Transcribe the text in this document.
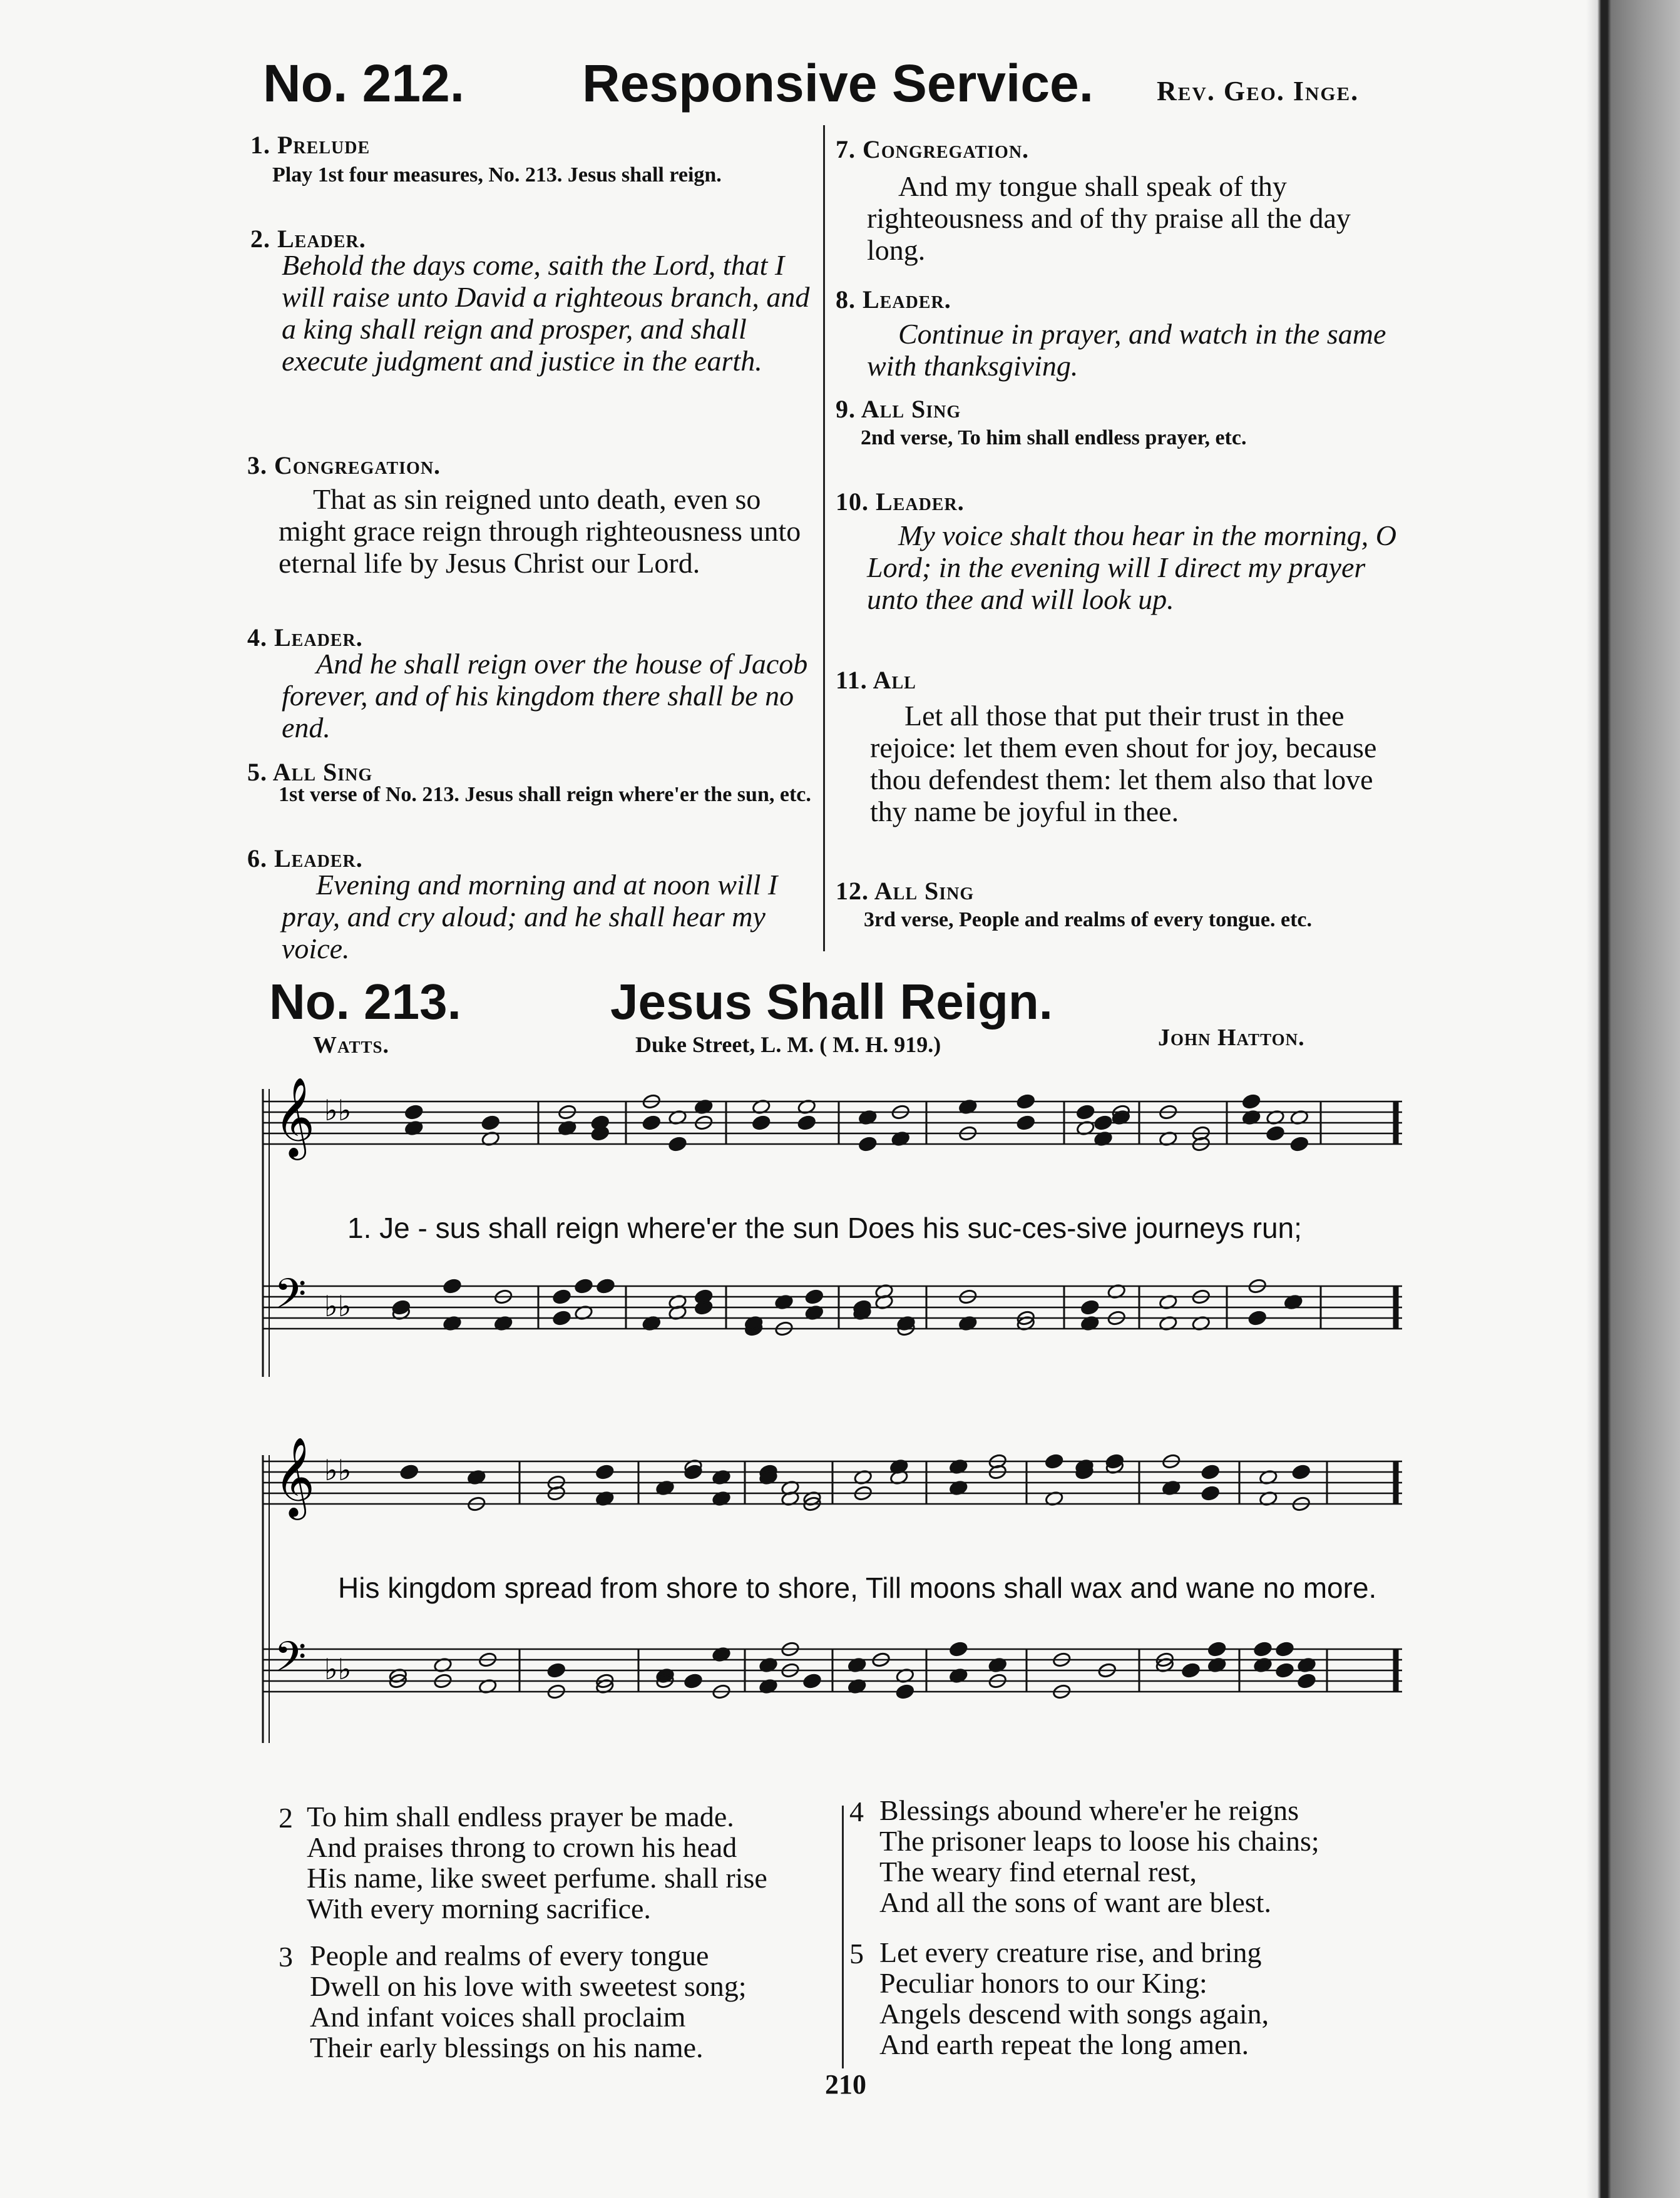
No. 212. Responsive Service. Rev. Geo. Inge.
1. Prelude
Play 1st four measures, No. 213. Jesus shall reign.
2. Leader.
Behold the days come, saith the Lord, that I will raise unto David a righteous branch, and a king shall reign and prosper, and shall execute judgment and justice in the earth.
3. Congregation.
That as sin reigned unto death, even so might grace reign through righteousness unto eternal life by Jesus Christ our Lord.
4. Leader.
And he shall reign over the house of Jacob forever, and of his kingdom there shall be no end.
5. All Sing
1st verse of No. 213. Jesus shall reign where'er the sun, etc.
6. Leader.
Evening and morning and at noon will I pray, and cry aloud; and he shall hear my voice.
7. Congregation.
And my tongue shall speak of thy righteousness and of thy praise all the day long.
8. Leader.
Continue in prayer, and watch in the same with thanksgiving.
9. All Sing
2nd verse, To him shall endless prayer, etc.
10. Leader.
My voice shalt thou hear in the morning, O Lord; in the evening will I direct my prayer unto thee and will look up.
11. All
Let all those that put their trust in thee rejoice: let them even shout for joy, because thou defendest them: let them also that love thy name be joyful in thee.
12. All Sing
3rd verse, People and realms of every tongue. etc.
No. 213.	Jesus Shall Reign.
Watts.	Duke Street, L. M. ( M. H. 919.)	John Hatton.
𝄞 ♭♭
𝄢 ♭♭
1. Je - sus shall reign where'er the sun Does his suc-ces-sive journeys run;
𝄞 ♭♭
𝄢 ♭♭
His kingdom spread from shore to shore, Till moons shall wax and wane no more.
2 To him shall endless prayer be made.
And praises throng to crown his head
His name, like sweet perfume. shall rise
With every morning sacrifice.
3 People and realms of every tongue
Dwell on his love with sweetest song;
And infant voices shall proclaim
Their early blessings on his name.
4 Blessings abound where'er he reigns
The prisoner leaps to loose his chains;
The weary find eternal rest,
And all the sons of want are blest.
5 Let every creature rise, and bring
Peculiar honors to our King:
Angels descend with songs again,
And earth repeat the long amen.
210
